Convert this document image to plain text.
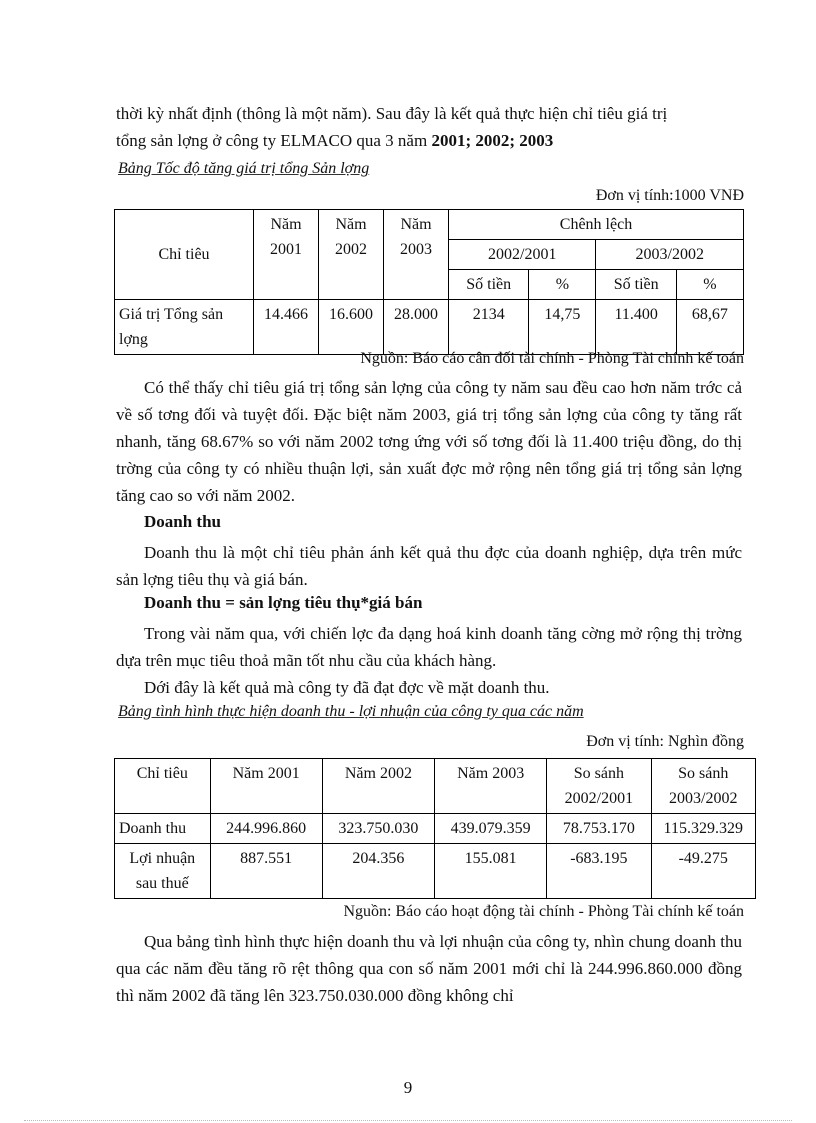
thời kỳ nhất định (thông là một năm). Sau đây là kết quả thực hiện chỉ tiêu giá trị
tổng sản lợng ở công ty ELMACO qua 3 năm 2001; 2002; 2003
Bảng Tốc độ tăng giá trị tổng Sản lợng
Đơn vị tính:1000 VNĐ
Chỉ tiêu	Năm 2001	Năm 2002	Năm 2003	Chênh lệch			
				2002/2001		2003/2002	
				Số tiền	%	Số tiền	%
Giá trị Tổng sản lợng	14.466	16.600	28.000	2134	14,75	11.400	68,67
Nguồn: Báo cáo cân đối tài chính - Phòng Tài chính kế toán
Có thể thấy chỉ tiêu giá trị tổng sản lợng của công ty năm sau đều cao hơn năm trớc cả về số tơng đối và tuyệt đối. Đặc biệt năm 2003, giá trị tổng sản lợng của công ty tăng rất nhanh, tăng 68.67% so với năm 2002 tơng ứng với số tơng đối là 11.400 triệu đồng, do thị trờng của công ty có nhiều thuận lợi, sản xuất đợc mở rộng nên tổng giá trị tổng sản lợng tăng cao so với năm 2002.
Doanh thu
Doanh thu là một chỉ tiêu phản ánh kết quả thu đợc của doanh nghiệp, dựa trên mức sản lợng tiêu thụ và giá bán.
Doanh thu = sản lợng tiêu thụ*giá bán
Trong vài năm qua, với chiến lợc đa dạng hoá kinh doanh tăng cờng mở rộng thị trờng dựa trên mục tiêu thoả mãn tốt nhu cầu của khách hàng.
Dới đây là kết quả mà công ty đã đạt đợc về mặt doanh thu.
Bảng tình hình thực hiện doanh thu - lợi nhuận của công ty qua các năm
Đơn vị tính: Nghìn đồng
Chỉ tiêu	Năm 2001	Năm 2002	Năm 2003	So sánh 2002/2001	So sánh 2003/2002
Doanh thu	244.996.860	323.750.030	439.079.359	78.753.170	115.329.329
Lợi nhuận sau thuế	887.551	204.356	155.081	-683.195	-49.275
Nguồn: Báo cáo hoạt động tài chính - Phòng Tài chính kế toán
Qua bảng tình hình thực hiện doanh thu và lợi nhuận của công ty, nhìn chung doanh thu qua các năm đều tăng rõ rệt thông qua con số năm 2001 mới chỉ là 244.996.860.000 đồng thì năm 2002 đã tăng lên 323.750.030.000 đồng không chỉ
9
